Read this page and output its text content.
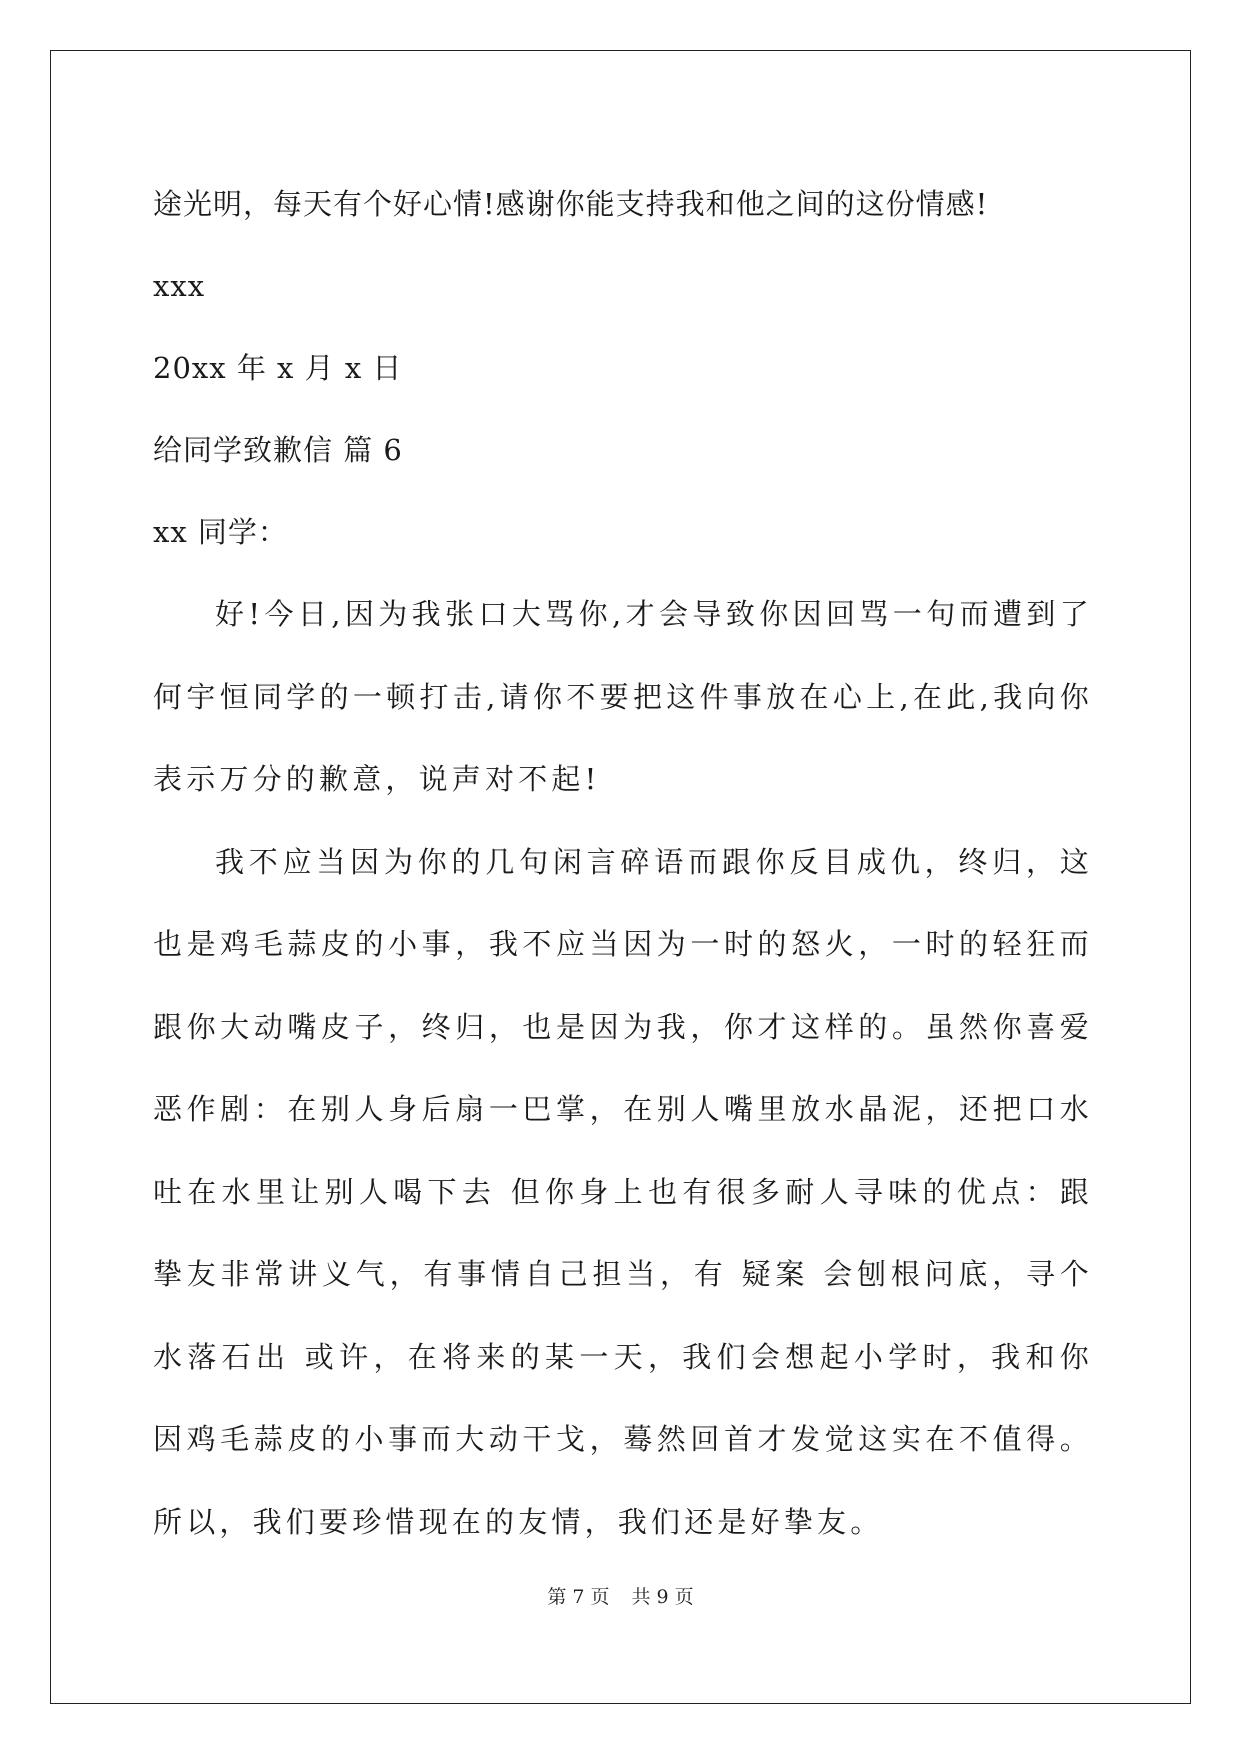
途光明，每天有个好心情!感谢你能支持我和他之间的这份情感!
xxx
20xx 年 x 月 x 日
给同学致歉信 篇 6
xx 同学：

好!今日,因为我张口大骂你,才会导致你因回骂一句而遭到了何宇恒同学的一顿打击,请你不要把这件事放在心上,在此,我向你表示万分的歉意，说声对不起!

我不应当因为你的几句闲言碎语而跟你反目成仇，终归，这也是鸡毛蒜皮的小事，我不应当因为一时的怒火，一时的轻狂而跟你大动嘴皮子，终归，也是因为我，你才这样的。虽然你喜爱恶作剧：在别人身后扇一巴掌，在别人嘴里放水晶泥，还把口水吐在水里让别人喝下去 但你身上也有很多耐人寻味的优点：跟挚友非常讲义气，有事情自己担当，有 疑案 会刨根问底，寻个水落石出 或许，在将来的某一天，我们会想起小学时，我和你因鸡毛蒜皮的小事而大动干戈，蓦然回首才发觉这实在不值得。所以，我们要珍惜现在的友情，我们还是好挚友。

第 7 页 共 9 页
